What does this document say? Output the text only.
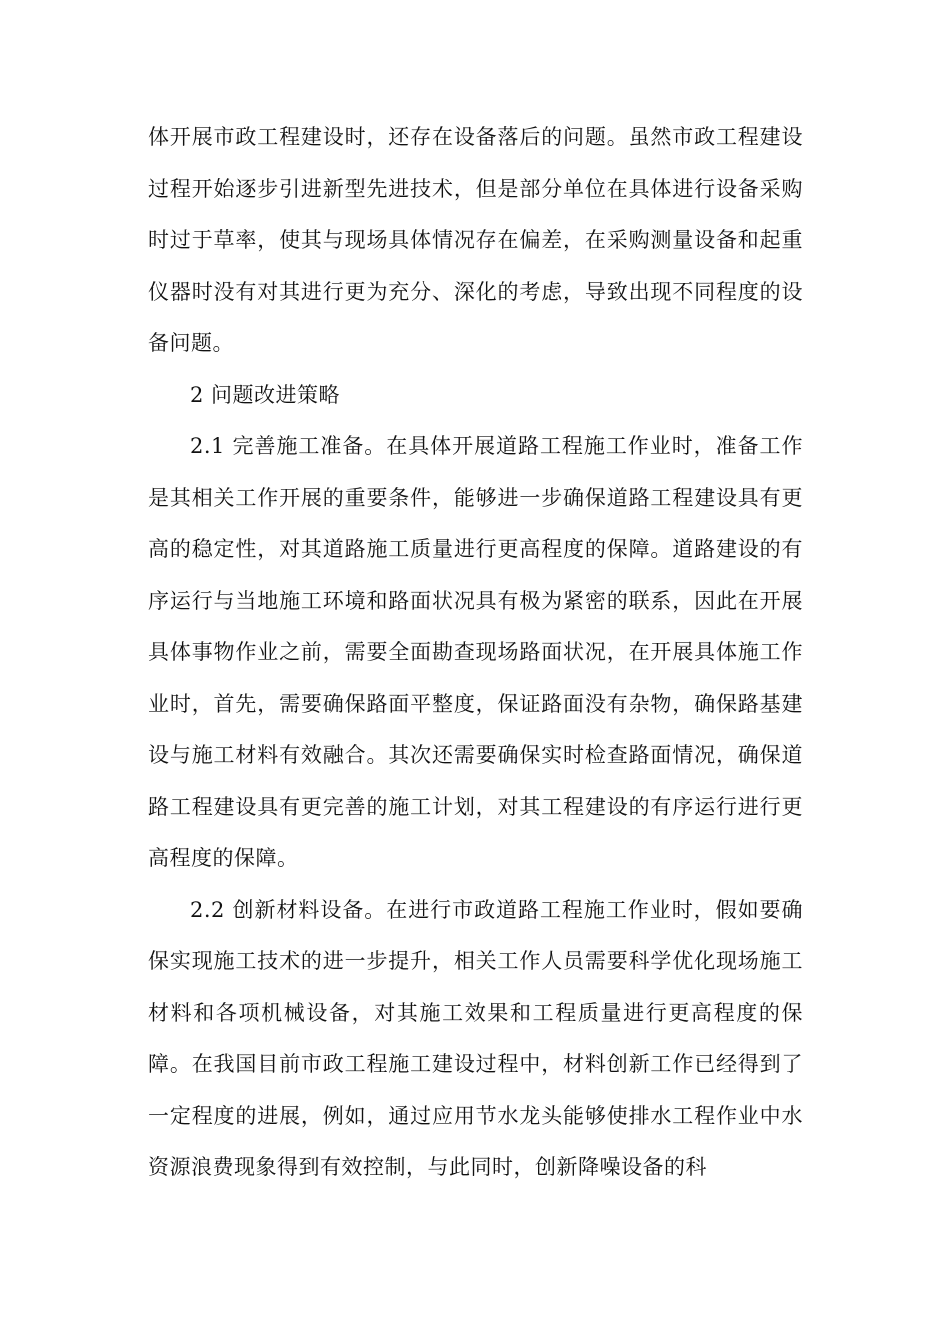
体开展市政工程建设时，还存在设备落后的问题。虽然市政工程建设过程开始逐步引进新型先进技术，但是部分单位在具体进行设备采购时过于草率，使其与现场具体情况存在偏差，在采购测量设备和起重仪器时没有对其进行更为充分、深化的考虑，导致出现不同程度的设备问题。

2 问题改进策略

2.1 完善施工准备。在具体开展道路工程施工作业时，准备工作是其相关工作开展的重要条件，能够进一步确保道路工程建设具有更高的稳定性，对其道路施工质量进行更高程度的保障。道路建设的有序运行与当地施工环境和路面状况具有极为紧密的联系，因此在开展具体事物作业之前，需要全面勘查现场路面状况，在开展具体施工作业时，首先，需要确保路面平整度，保证路面没有杂物，确保路基建设与施工材料有效融合。其次还需要确保实时检查路面情况，确保道路工程建设具有更完善的施工计划，对其工程建设的有序运行进行更高程度的保障。

2.2 创新材料设备。在进行市政道路工程施工作业时，假如要确保实现施工技术的进一步提升，相关工作人员需要科学优化现场施工材料和各项机械设备，对其施工效果和工程质量进行更高程度的保障。在我国目前市政工程施工建设过程中，材料创新工作已经得到了一定程度的进展，例如，通过应用节水龙头能够使排水工程作业中水资源浪费现象得到有效控制，与此同时，创新降噪设备的科
